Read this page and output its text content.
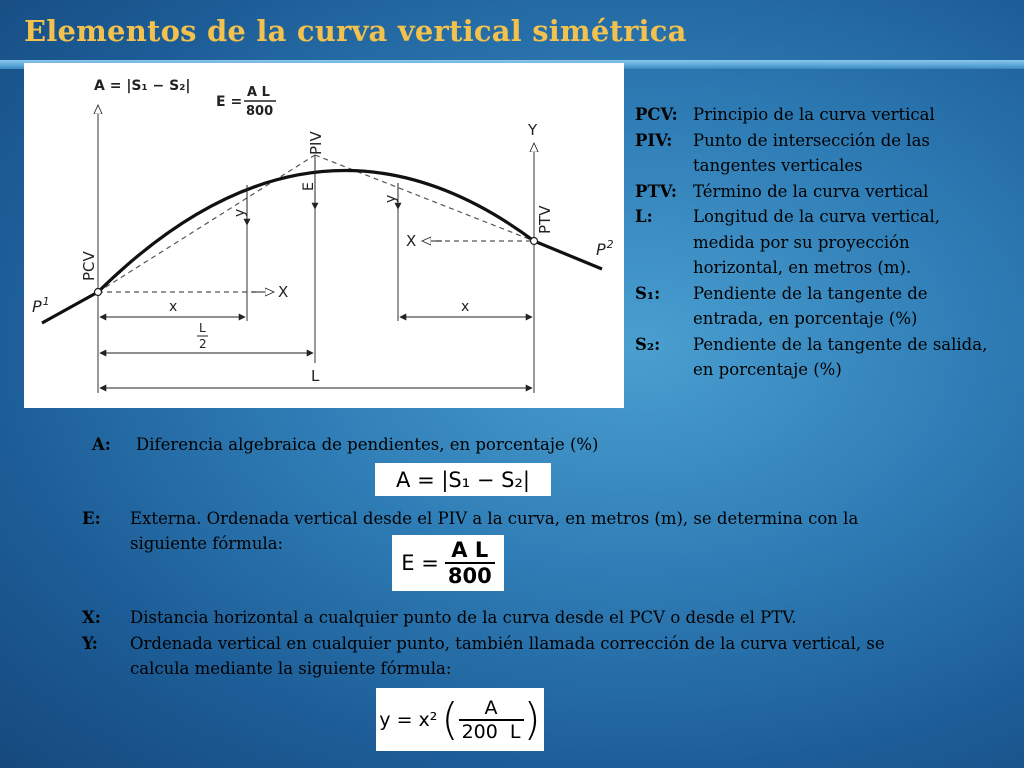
Elementos de la curva vertical simétrica
A = |S₁ − S₂|
E =
A L
800
X
X
PCV
PIV
E
PTV
y
y
Y
$P^1$
$P^2$
x	x
L
2
L
PCV: Principio de la curva vertical
PIV:	Punto de intersección de las
tangentes verticales
PTV: Término de la curva vertical
L:	Longitud de la curva vertical,
medida por su proyección
horizontal, en metros (m).
S₁:	Pendiente de la tangente de
entrada, en porcentaje (%)
S₂:	Pendiente de la tangente de salida,
en porcentaje (%)
A: Diferencia algebraica de pendientes, en porcentaje (%)
A = |S₁ − S₂|
E: Externa. Ordenada vertical desde el PIV a la curva, en metros (m), se determina con la
siguiente fórmula:
$E = \frac{\text{A L}}{800}$
X: Distancia horizontal a cualquier punto de la curva desde el PCV o desde el PTV.
Y: Ordenada vertical en cualquier punto, también llamada corrección de la curva vertical, se
calcula mediante la siguiente fórmula:
y = x² ( $\frac{A}{200 L}$ )
